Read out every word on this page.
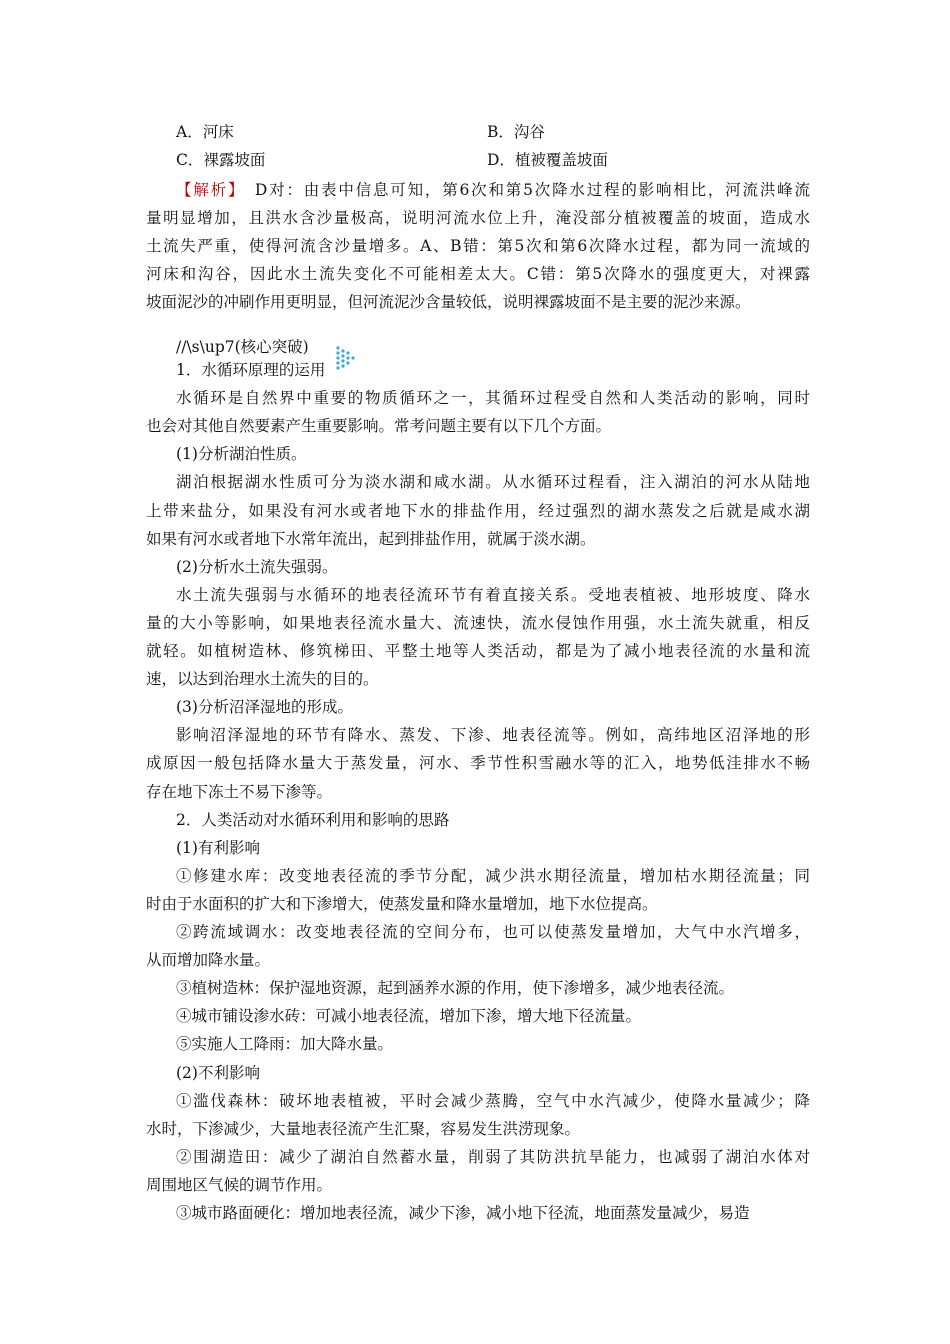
A．河床	B．沟谷
C．裸露坡面	D．植被覆盖坡面
【解析】　D对：由表中信息可知，第6次和第5次降水过程的影响相比，河流洪峰流
量明显增加，且洪水含沙量极高，说明河流水位上升，淹没部分植被覆盖的坡面，造成水
土流失严重，使得河流含沙量增多。A、B错：第5次和第6次降水过程，都为同一流域的
河床和沟谷，因此水土流失变化不可能相差太大。C错：第5次降水的强度更大，对裸露
坡面泥沙的冲刷作用更明显，但河流泥沙含量较低，说明裸露坡面不是主要的泥沙来源。
//\s\up7(核心突破)
1．水循环原理的运用
水循环是自然界中重要的物质循环之一，其循环过程受自然和人类活动的影响，同时
也会对其他自然要素产生重要影响。常考问题主要有以下几个方面。
(1)分析湖泊性质。
湖泊根据湖水性质可分为淡水湖和咸水湖。从水循环过程看，注入湖泊的河水从陆地
上带来盐分，如果没有河水或者地下水的排盐作用，经过强烈的湖水蒸发之后就是咸水湖
如果有河水或者地下水常年流出，起到排盐作用，就属于淡水湖。
(2)分析水土流失强弱。
水土流失强弱与水循环的地表径流环节有着直接关系。受地表植被、地形坡度、降水
量的大小等影响，如果地表径流水量大、流速快，流水侵蚀作用强，水土流失就重，相反
就轻。如植树造林、修筑梯田、平整土地等人类活动，都是为了减小地表径流的水量和流
速，以达到治理水土流失的目的。
(3)分析沼泽湿地的形成。
影响沼泽湿地的环节有降水、蒸发、下渗、地表径流等。例如，高纬地区沼泽地的形
成原因一般包括降水量大于蒸发量，河水、季节性积雪融水等的汇入，地势低洼排水不畅
存在地下冻土不易下渗等。
2．人类活动对水循环利用和影响的思路
(1)有利影响
①修建水库：改变地表径流的季节分配，减少洪水期径流量，增加枯水期径流量；同
时由于水面积的扩大和下渗增大，使蒸发量和降水量增加，地下水位提高。
②跨流域调水：改变地表径流的空间分布，也可以使蒸发量增加，大气中水汽增多，
从而增加降水量。
③植树造林：保护湿地资源，起到涵养水源的作用，使下渗增多，减少地表径流。
④城市铺设渗水砖：可减小地表径流，增加下渗，增大地下径流量。
⑤实施人工降雨：加大降水量。
(2)不利影响
①滥伐森林：破坏地表植被，平时会减少蒸腾，空气中水汽减少，使降水量减少；降
水时，下渗减少，大量地表径流产生汇聚，容易发生洪涝现象。
②围湖造田：减少了湖泊自然蓄水量，削弱了其防洪抗旱能力，也减弱了湖泊水体对
周围地区气候的调节作用。
③城市路面硬化：增加地表径流，减少下渗，减小地下径流，地面蒸发量减少，易造
